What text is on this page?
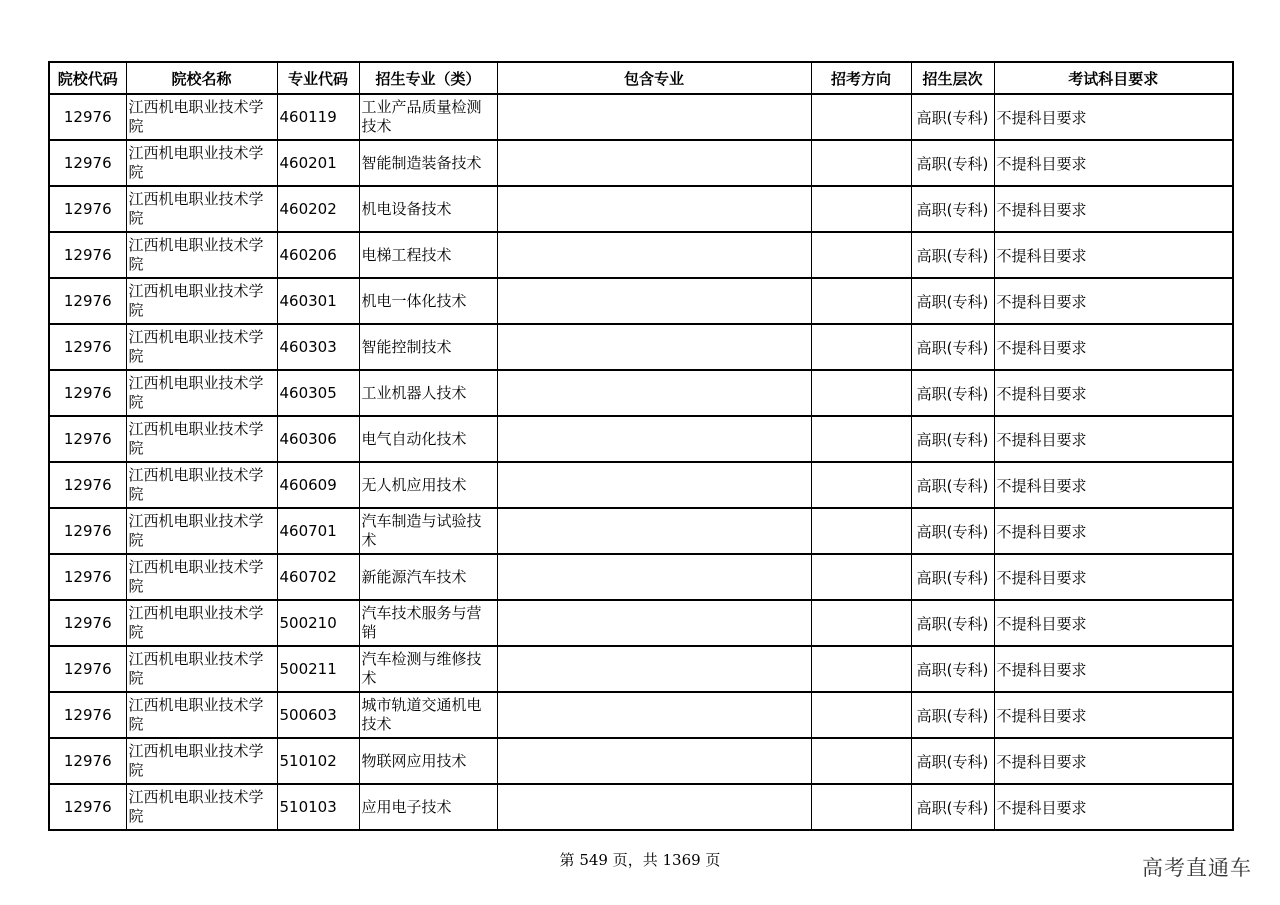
院校代码	院校名称	专业代码	招生专业（类）	包含专业	招考方向	招生层次	考试科目要求
12976	江西机电职业技术学院	460119	工业产品质量检测技术			高职(专科)	不提科目要求
12976	江西机电职业技术学院	460201	智能制造装备技术			高职(专科)	不提科目要求
12976	江西机电职业技术学院	460202	机电设备技术			高职(专科)	不提科目要求
12976	江西机电职业技术学院	460206	电梯工程技术			高职(专科)	不提科目要求
12976	江西机电职业技术学院	460301	机电一体化技术			高职(专科)	不提科目要求
12976	江西机电职业技术学院	460303	智能控制技术			高职(专科)	不提科目要求
12976	江西机电职业技术学院	460305	工业机器人技术			高职(专科)	不提科目要求
12976	江西机电职业技术学院	460306	电气自动化技术			高职(专科)	不提科目要求
12976	江西机电职业技术学院	460609	无人机应用技术			高职(专科)	不提科目要求
12976	江西机电职业技术学院	460701	汽车制造与试验技术			高职(专科)	不提科目要求
12976	江西机电职业技术学院	460702	新能源汽车技术			高职(专科)	不提科目要求
12976	江西机电职业技术学院	500210	汽车技术服务与营销			高职(专科)	不提科目要求
12976	江西机电职业技术学院	500211	汽车检测与维修技术			高职(专科)	不提科目要求
12976	江西机电职业技术学院	500603	城市轨道交通机电技术			高职(专科)	不提科目要求
12976	江西机电职业技术学院	510102	物联网应用技术			高职(专科)	不提科目要求
12976	江西机电职业技术学院	510103	应用电子技术			高职(专科)	不提科目要求
第 549 页，共 1369 页	高考直通车
